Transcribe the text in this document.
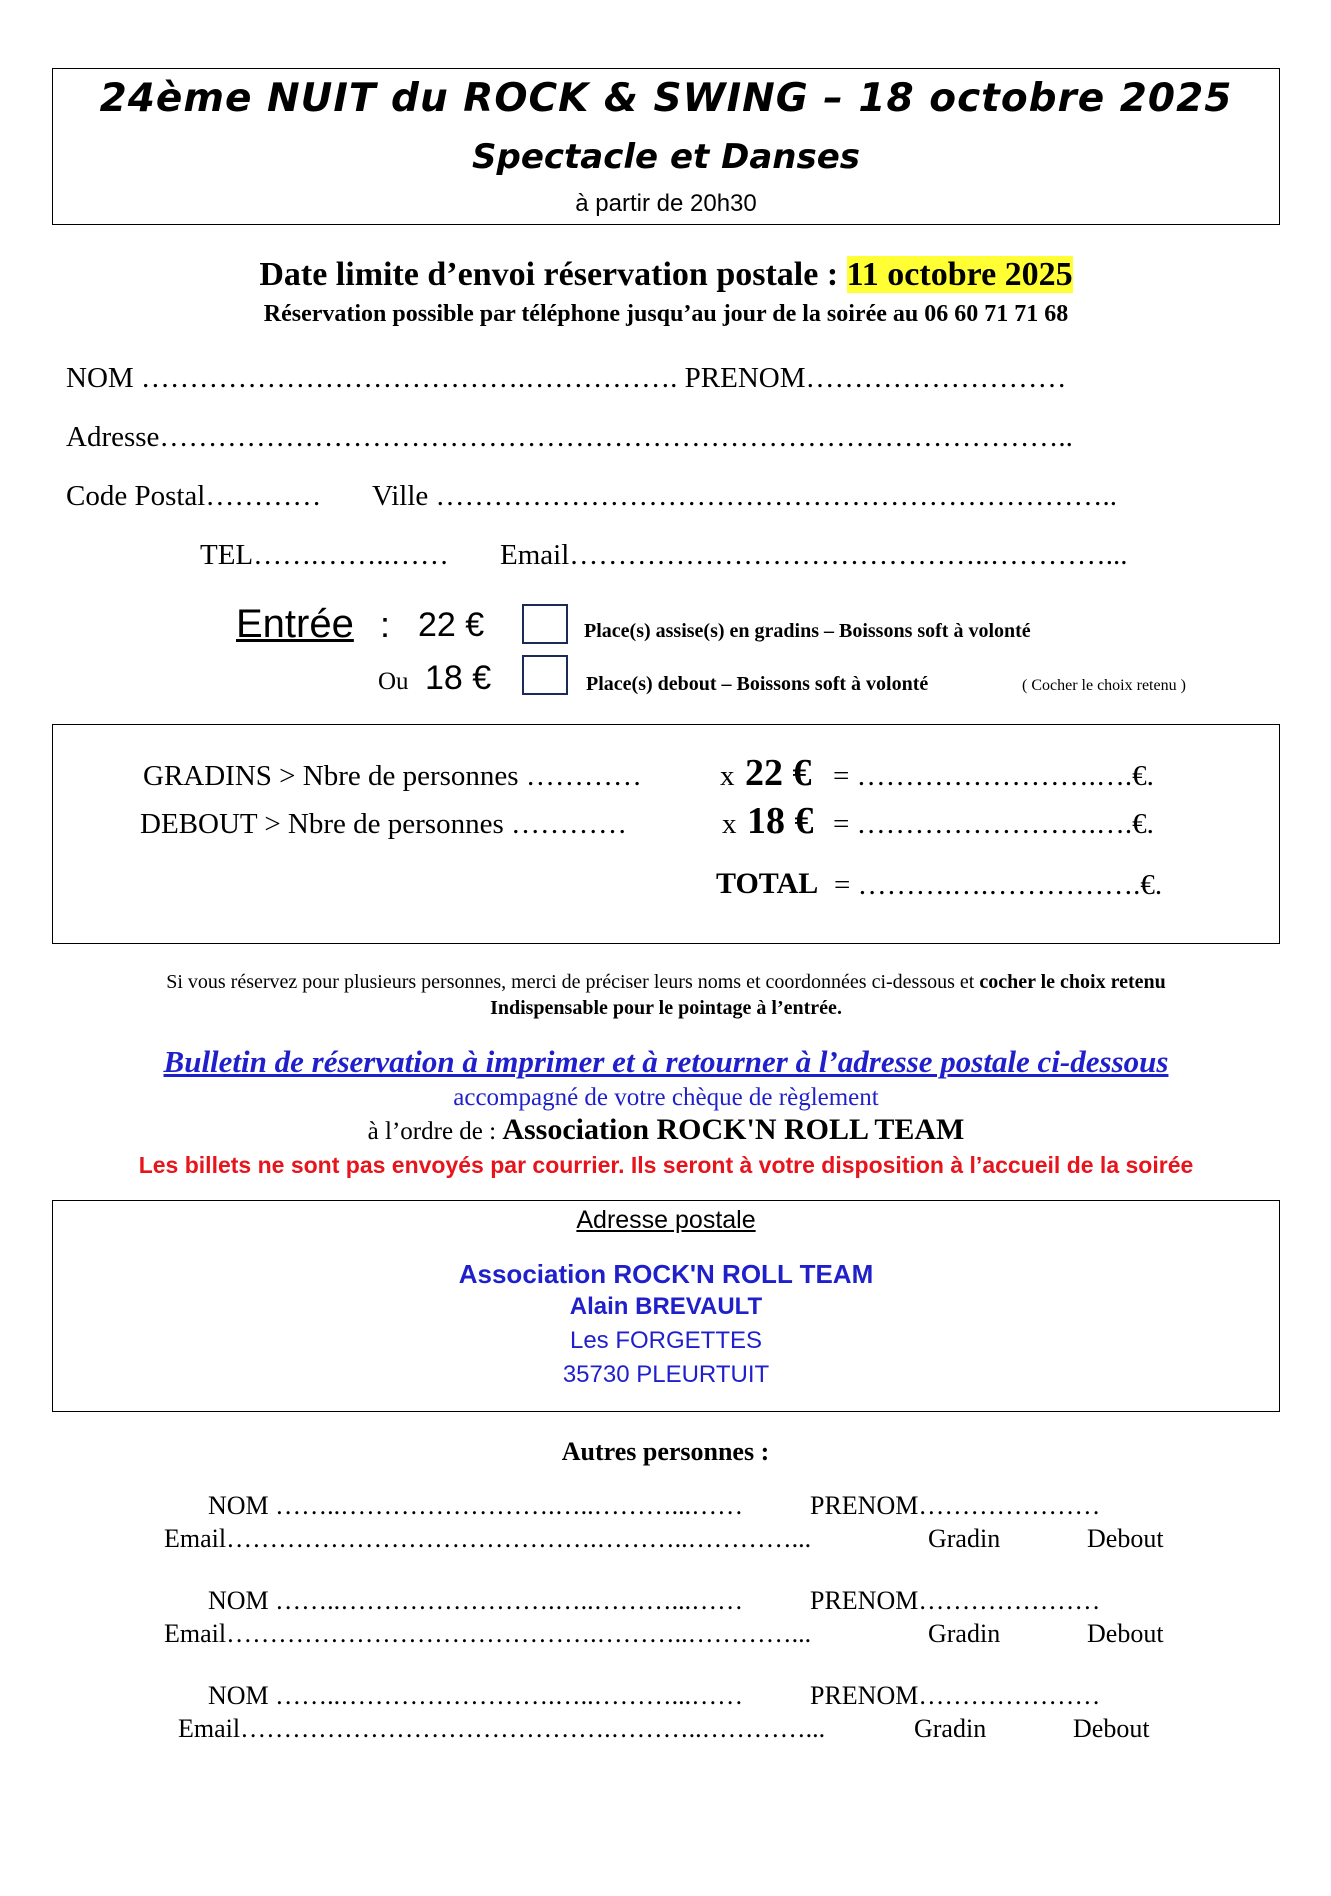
24ème NUIT du ROCK & SWING – 18 octobre 2025
Spectacle et Danses
à partir de 20h30
Date limite d’envoi réservation postale : 11 octobre 2025
Réservation possible par téléphone jusqu’au jour de la soirée au 06 60 71 71 68
NOM ………………………………….……………. PRENOM………………………
Adresse…………………………………………………………………………………..
Code Postal………… Ville ……………………………………………………………..
TEL…….……..…… Email……………………………………..…………...
Entrée : 22 €	Place(s) assise(s) en gradins – Boissons soft à volonté
Ou 18 €	Place(s) debout – Boissons soft à volonté	( Cocher le choix retenu )
GRADINS > Nbre de personnes …………	x 22 € = …………………….….€.
DEBOUT > Nbre de personnes …………	x 18 € = …………………….….€.
TOTAL = ……….….…………….€.
Si vous réservez pour plusieurs personnes, merci de préciser leurs noms et coordonnées ci-dessous et cocher le choix retenu
Indispensable pour le pointage à l’entrée.
Bulletin de réservation à imprimer et à retourner à l’adresse postale ci-dessous
accompagné de votre chèque de règlement
à l’ordre de : Association ROCK'N ROLL TEAM
Les billets ne sont pas envoyés par courrier. Ils seront à votre disposition à l’accueil de la soirée
Adresse postale
Association ROCK'N ROLL TEAM
Alain BREVAULT
Les FORGETTES
35730 PLEURTUIT
Autres personnes :
NOM ……..…………………….…..………...……	PRENOM…………………
Email…………………………………….………..…………...	Gradin	Debout
NOM ……..…………………….…..………...……	PRENOM…………………
Email…………………………………….………..…………...	Gradin	Debout
NOM ……..…………………….…..………...……	PRENOM…………………
Email…………………………………….………..…………...	Gradin	Debout
